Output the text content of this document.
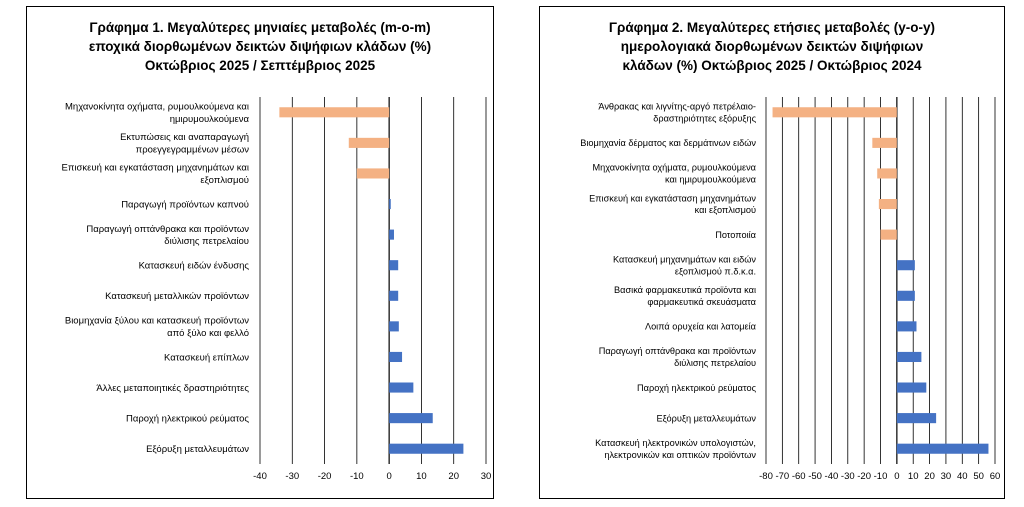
Γράφημα 1. Μεγαλύτερες μηνιαίες μεταβολές (m-o-m)
εποχικά διορθωμένων δεικτών διψήφιων κλάδων (%)
Οκτώβριος 2025 / Σεπτέμβριος 2025
-40 -30 -20 -10 0	10 20 30
Μηχανοκίνητα οχήματα, ρυμουλκούμενα και ημιρυμουλκούμενα
Εκτυπώσεις και αναπαραγωγή προεγγεγραμμένων μέσων
Επισκευή και εγκατάσταση μηχανημάτων και εξοπλισμού
Παραγωγή προϊόντων καπνού
Παραγωγή οπτάνθρακα και προϊόντων διύλισης πετρελαίου
Κατασκευή ειδών ένδυσης
Κατασκευή μεταλλικών προϊόντων
Βιομηχανία ξύλου και κατασκευή προϊόντων από ξύλο και φελλό
Κατασκευή επίπλων
Άλλες μεταποιητικές δραστηριότητες
Παροχή ηλεκτρικού ρεύματος
Εξόρυξη μεταλλευμάτων
Γράφημα 2. Μεγαλύτερες ετήσιες μεταβολές (y-o-y)
ημερολογιακά διορθωμένων δεικτών διψήφιων
κλάδων (%) Οκτώβριος 2025 / Οκτώβριος 2024
-80 -70 -60 -50 -40 -30 -20 -10 0 10 20 30 40 50 60
Άνθρακας και λιγνίτης-αργό πετρέλαιο-δραστηριότητες εξόρυξης
Βιομηχανία δέρματος και δερμάτινων ειδών
Μηχανοκίνητα οχήματα, ρυμουλκούμενα και ημιρυμουλκούμενα
Επισκευή και εγκατάσταση μηχανημάτων και εξοπλισμού
Ποτοποιία
Κατασκευή μηχανημάτων και ειδών εξοπλισμού π.δ.κ.α.
Βασικά φαρμακευτικά προϊόντα και φαρμακευτικά σκευάσματα
Λοιπά ορυχεία και λατομεία
Παραγωγή οπτάνθρακα και προϊόντων διύλισης πετρελαίου
Παροχή ηλεκτρικού ρεύματος
Εξόρυξη μεταλλευμάτων
Κατασκευή ηλεκτρονικών υπολογιστών, ηλεκτρονικών και οπτικών προϊόντων
